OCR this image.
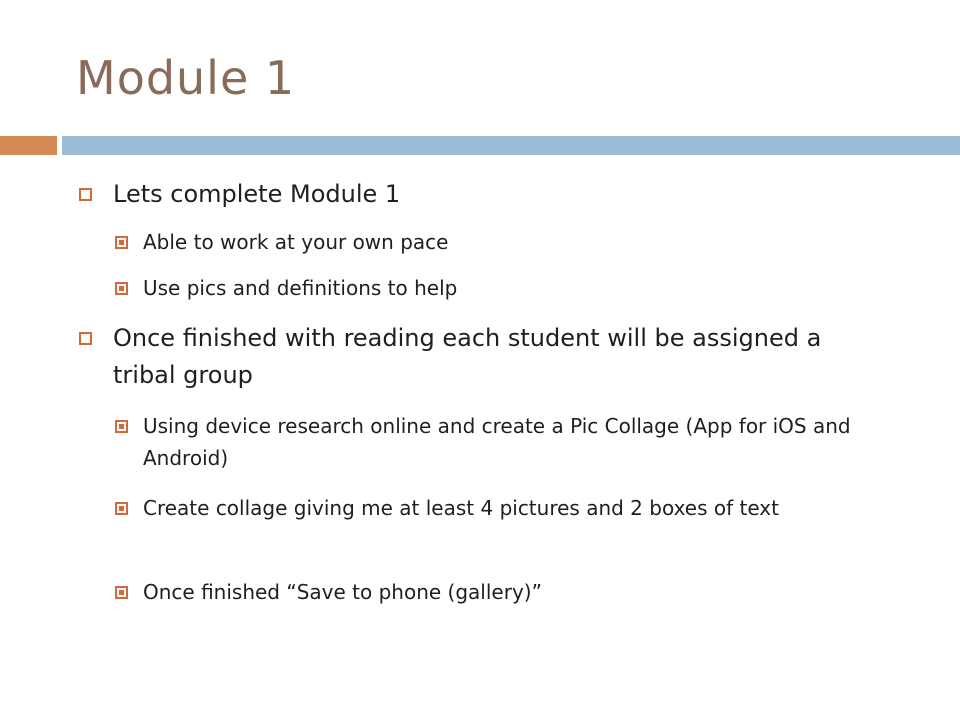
Module 1
Lets complete Module 1
Able to work at your own pace
Use pics and definitions to help
Once finished with reading each student will be assigned a tribal group
Using device research online and create a Pic Collage (App for iOS and Android)
Create collage giving me at least 4 pictures and 2 boxes of text
Once finished “Save to phone (gallery)”
